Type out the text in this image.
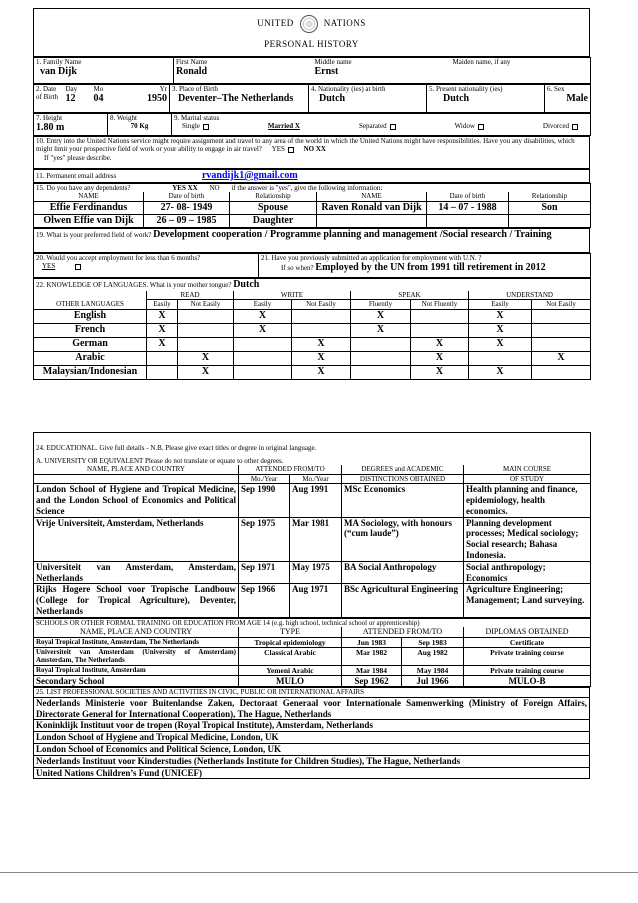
UNITED	NATIONS
PERSONAL HISTORY
1. Family Name
van Dijk

First Name
Ronald

Middle name
Ernst

Maiden name, if any
2. Date
of Birth

Day
12

Mo
04

Yr
1950

3. Place of Birth
Deventer–The Netherlands

4. Nationality (ies) at birth
Dutch

5. Present nationality (ies)
Dutch

6. Sex
Male
7. Height
1.80 m

8. Weight
70 Kg

9. Marital status
Single	Married X	Separated	Widow	Divorced
10. Entry into the United Nations service might require assignment and travel to any area of the world in which the United Nations might have responsibilities. Have you any disabilities, which might limit your prospective field of work or your ability to engage in air travel? YES	NO XX
If "yes" please describe.
11. Permanent email address	rvandijk1@gmail.com
15. Do you have any dependents? YES XX NO if the answer is "yes", give the following information:					
NAME	Date of birth	Relationship	NAME	Date of birth	Relationship
Effie Ferdinandus	27- 08- 1949	Spouse	Raven Ronald van Dijk	14 – 07 - 1988	Son
Olwen Effie van Dijk	26 – 09 – 1985	Daughter			
19. What is your preferred field of work? Development cooperation / Programme planning and management /Social research / Training
20. Would you accept employment for less than 6 months?
YES

21. Have you previously submitted an application for employment with U.N. ?
If so when? Employed by the UN from 1991 till retirement in 2012
22. KNOWLEDGE OF LANGUAGES. What is your mother tongue? Dutch								
OTHER LANGUAGES	READ		WRITE		SPEAK		UNDERSTAND	
	Easily	Not Easily	Easily	Not Easily	Fluently	Not Fluently	Easily	Not Easily
English	X		X		X		X	
French	X		X		X		X	
German	X			X		X	X	
Arabic		X		X		X		X
Malaysian/Indonesian		X		X		X	X	
24. EDUCATIONAL. Give full details - N.B. Please give exact titles or degree in original language.				
A. UNIVERSITY OR EQUIVALENT Please do not translate or equate to other degrees.				
NAME, PLACE AND COUNTRY	ATTENDED FROM/TO		DEGREES and ACADEMIC	MAIN COURSE
	Mo./Year	Mo./Year	DISTINCTIONS OBTAINED	OF STUDY
London School of Hygiene and Tropical Medicine, and the London School of Economics and Political Science	Sep 1990	Aug 1991	MSc Economics	Health planning and finance, epidemiology, health economics.
Vrije Universiteit, Amsterdam, Netherlands	Sep 1975	Mar 1981	MA Sociology, with honours (“cum laude”)	Planning development processes; Medical sociology; Social research; Bahasa Indonesia.
Universiteit van Amsterdam, Amsterdam, Netherlands	Sep 1971	May 1975	BA Social Anthropology	Social anthropology; Economics
Rijks Hogere School voor Tropische Landbouw (College for Tropical Agriculture), Deventer, Netherlands	Sep 1966	Aug 1971	BSc Agricultural Engineering	Agriculture Engineering; Management; Land surveying.
SCHOOLS OR OTHER FORMAL TRAINING OR EDUCATION FROM AGE 14 (e.g. high school, technical school or apprenticeship)				
NAME, PLACE AND COUNTRY	TYPE	ATTENDED FROM/TO		DIPLOMAS OBTAINED
Royal Tropical Institute, Amsterdam, The Netherlands	Tropical epidemiology	Jun 1983	Sep 1983	Certificate
Universiteit van Amsterdam (University of Amsterdam) Amsterdam, The Netherlands	Classical Arabic	Mar 1982	Aug 1982	Private training course
Royal Tropical Institute, Amsterdam	Yemeni Arabic	Mar 1984	May 1984	Private training course
Secondary School	MULO	Sep 1962	Jul 1966	MULO-B
25. LIST PROFESSIONAL SOCIETIES AND ACTIVITIES IN CIVIC, PUBLIC OR INTERNATIONAL AFFAIRS
Nederlands Ministerie voor Buitenlandse Zaken, Dectoraat Generaal voor Internationale Samenwerking (Ministry of Foreign Affairs, Directorate General for International Cooperation), The Hague, Netherlands
Koninklijk Instituut voor de tropen (Royal Tropical Institute), Amsterdam, Netherlands
London School of Hygiene and Tropical Medicine, London, UK
London School of Economics and Political Science, London, UK
Nederlands Instituut voor Kinderstudies (Netherlands Institute for Children Studies), The Hague, Netherlands
United Nations Children’s Fund (UNICEF)
